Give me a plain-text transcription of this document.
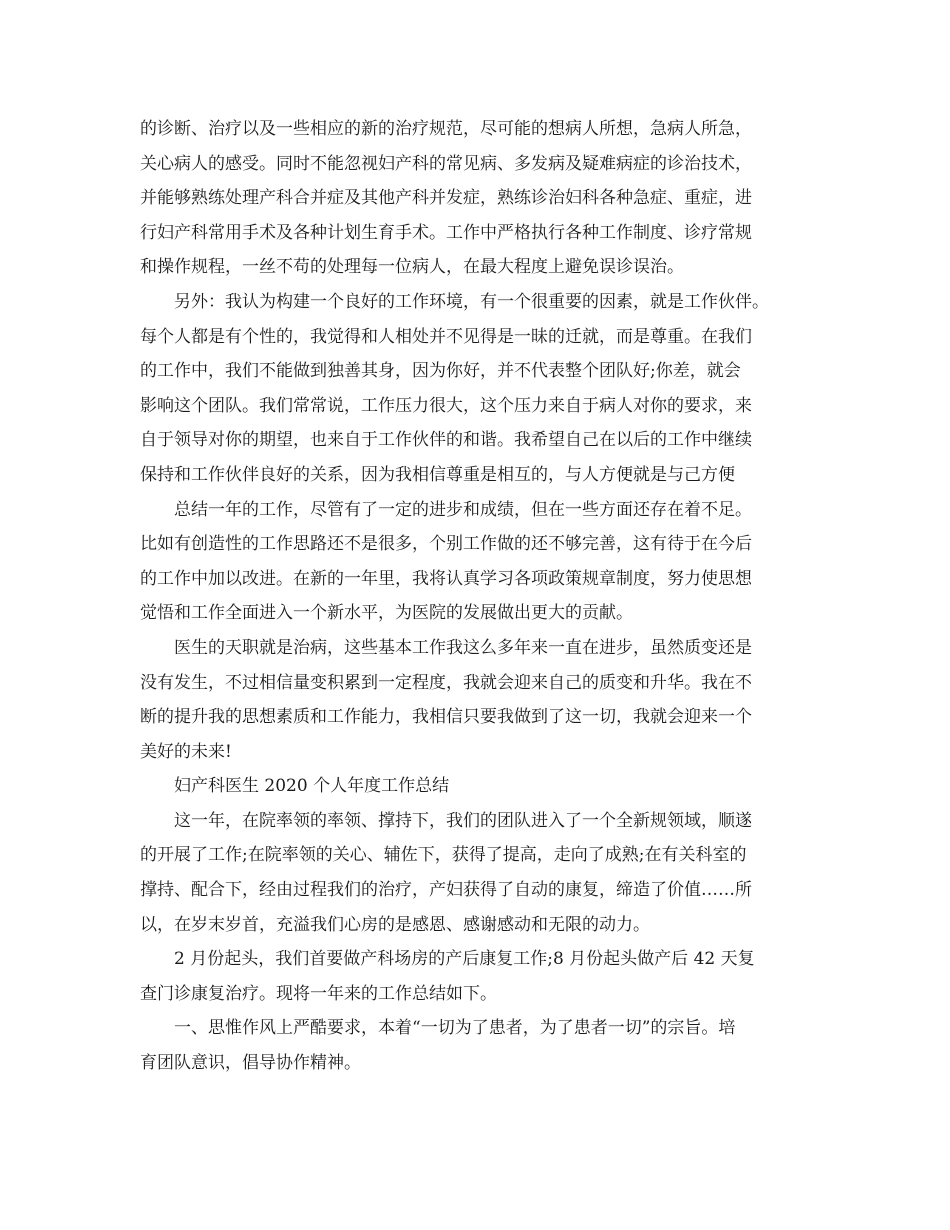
的诊断、治疗以及一些相应的新的治疗规范，尽可能的想病人所想，急病人所急，
关心病人的感受。同时不能忽视妇产科的常见病、多发病及疑难病症的诊治技术，
并能够熟练处理产科合并症及其他产科并发症，熟练诊治妇科各种急症、重症，进
行妇产科常用手术及各种计划生育手术。工作中严格执行各种工作制度、诊疗常规
和操作规程，一丝不苟的处理每一位病人，在最大程度上避免误诊误治。
另外：我认为构建一个良好的工作环境，有一个很重要的因素，就是工作伙伴。
每个人都是有个性的，我觉得和人相处并不见得是一昧的迁就，而是尊重。在我们
的工作中，我们不能做到独善其身，因为你好，并不代表整个团队好;你差，就会
影响这个团队。我们常常说，工作压力很大，这个压力来自于病人对你的要求，来
自于领导对你的期望，也来自于工作伙伴的和谐。我希望自己在以后的工作中继续
保持和工作伙伴良好的关系，因为我相信尊重是相互的，与人方便就是与己方便
总结一年的工作，尽管有了一定的进步和成绩，但在一些方面还存在着不足。
比如有创造性的工作思路还不是很多，个别工作做的还不够完善，这有待于在今后
的工作中加以改进。在新的一年里，我将认真学习各项政策规章制度，努力使思想
觉悟和工作全面进入一个新水平，为医院的发展做出更大的贡献。
医生的天职就是治病，这些基本工作我这么多年来一直在进步，虽然质变还是
没有发生，不过相信量变积累到一定程度，我就会迎来自己的质变和升华。我在不
断的提升我的思想素质和工作能力，我相信只要我做到了这一切，我就会迎来一个
美好的未来!
妇产科医生 2020 个人年度工作总结
这一年，在院率领的率领、撑持下，我们的团队进入了一个全新规领域，顺遂
的开展了工作;在院率领的关心、辅佐下，获得了提高，走向了成熟;在有关科室的
撑持、配合下，经由过程我们的治疗，产妇获得了自动的康复，缔造了价值……所
以，在岁末岁首，充溢我们心房的是感恩、感谢感动和无限的动力。
2 月份起头，我们首要做产科场房的产后康复工作;8 月份起头做产后 42 天复
查门诊康复治疗。现将一年来的工作总结如下。
一、思惟作风上严酷要求，本着“一切为了患者，为了患者一切”的宗旨。培
育团队意识，倡导协作精神。
